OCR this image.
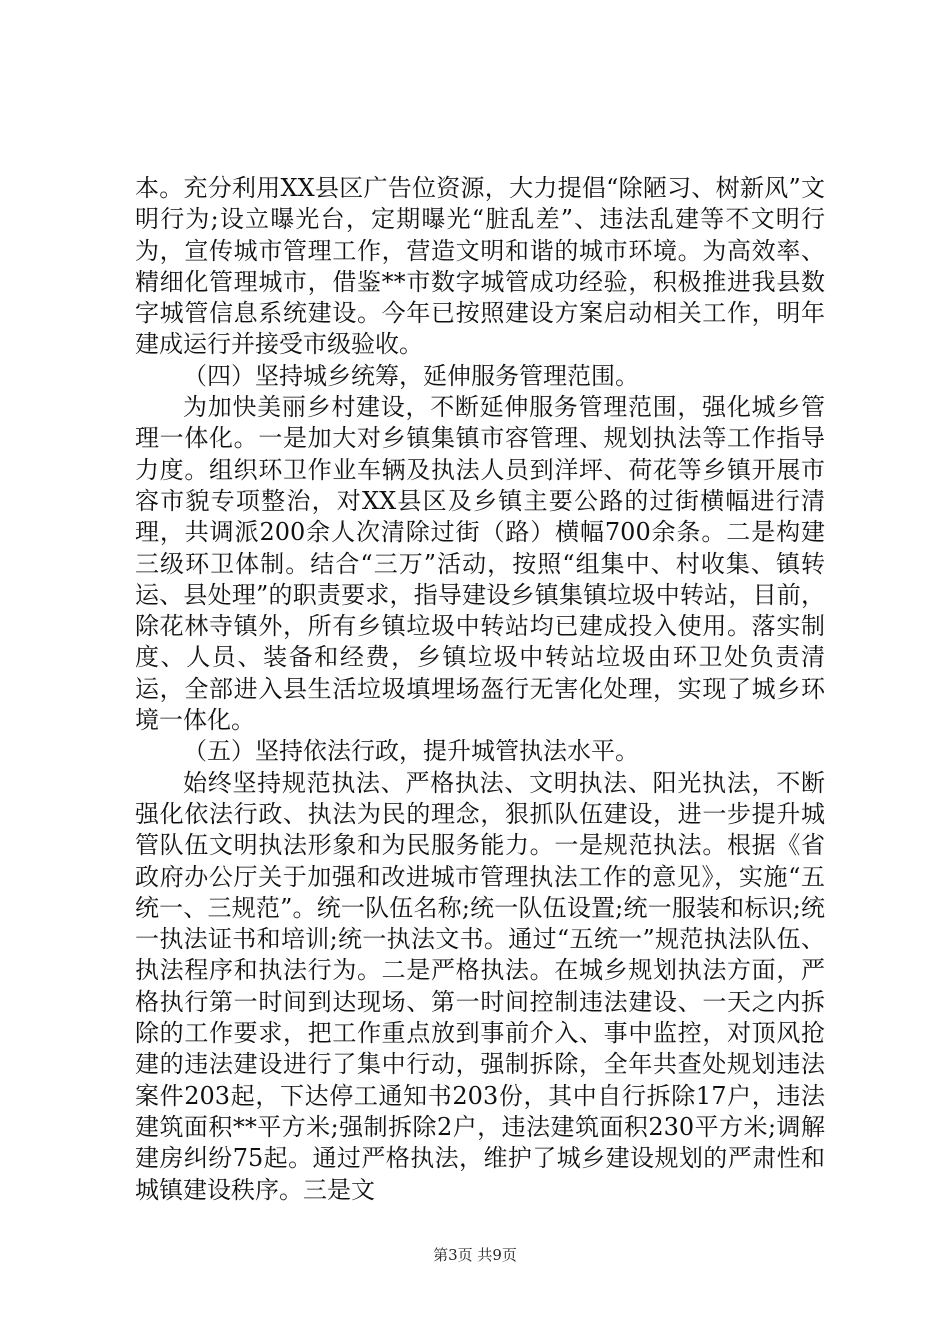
本。充分利用XX县区广告位资源，大力提倡“除陋习、树新风”文明行为;设立曝光台，定期曝光“脏乱差”、违法乱建等不文明行为，宣传城市管理工作，营造文明和谐的城市环境。为高效率、精细化管理城市，借鉴**市数字城管成功经验，积极推进我县数字城管信息系统建设。今年已按照建设方案启动相关工作，明年建成运行并接受市级验收。

（四）坚持城乡统筹，延伸服务管理范围。

为加快美丽乡村建设，不断延伸服务管理范围，强化城乡管理一体化。一是加大对乡镇集镇市容管理、规划执法等工作指导力度。组织环卫作业车辆及执法人员到洋坪、荷花等乡镇开展市容市貌专项整治，对XX县区及乡镇主要公路的过街横幅进行清理，共调派200余人次清除过街（路）横幅700余条。二是构建三级环卫体制。结合“三万”活动，按照“组集中、村收集、镇转运、县处理”的职责要求，指导建设乡镇集镇垃圾中转站，目前，除花林寺镇外，所有乡镇垃圾中转站均已建成投入使用。落实制度、人员、装备和经费，乡镇垃圾中转站垃圾由环卫处负责清运，全部进入县生活垃圾填埋场盔行无害化处理，实现了城乡环境一体化。

（五）坚持依法行政，提升城管执法水平。

始终坚持规范执法、严格执法、文明执法、阳光执法，不断强化依法行政、执法为民的理念，狠抓队伍建设，进一步提升城管队伍文明执法形象和为民服务能力。一是规范执法。根据《省政府办公厅关于加强和改进城市管理执法工作的意见》，实施“五统一、三规范”。统一队伍名称;统一队伍设置;统一服装和标识;统一执法证书和培训;统一执法文书。通过“五统一”规范执法队伍、执法程序和执法行为。二是严格执法。在城乡规划执法方面，严格执行第一时间到达现场、第一时间控制违法建设、一天之内拆除的工作要求，把工作重点放到事前介入、事中监控，对顶风抢建的违法建设进行了集中行动，强制拆除，全年共查处规划违法案件203起，下达停工通知书203份，其中自行拆除17户，违法建筑面积**平方米;强制拆除2户，违法建筑面积230平方米;调解建房纠纷75起。通过严格执法，维护了城乡建设规划的严肃性和城镇建设秩序。三是文

第3页 共9页
